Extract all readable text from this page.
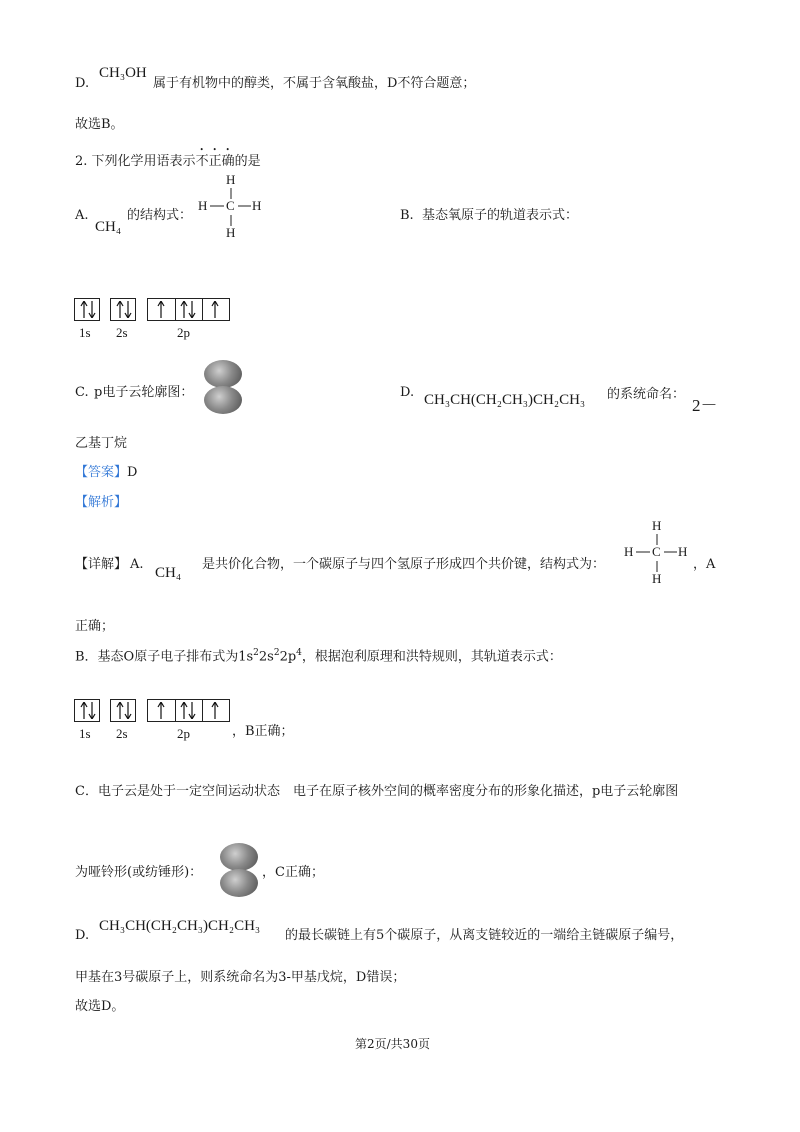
D.
CH₃OH
属于有机物中的醇类，不属于含氧酸盐，D不符合题意；
故选B。
2. 下列化学用语表示不正确的是
A.
CH₄
的结构式：
H
H C H
H
B. 基态氧原子的轨道表示式：
1s 2s	2p
C. p电子云轮廓图：	D. CH₃CH(CH₂CH₃)CH₂CH₃ 的系统命名：
2－
乙基丁烷
【答案】D
【解析】
【详解】 A.
CH₄
是共价化合物，一个碳原子与四个氢原子形成四个共价键，结构式为：
H
H C H
H
，A
正确；
B．基态O原子电子排布式为$1s^22s^22p^4$，根据泡利原理和洪特规则，其轨道表示式：
1s 2s	2p	，B正确；
C．电子云是处于一定空间运动状态　电子在原子核外空间的概率密度分布的形象化描述，p电子云轮廓图
为哑铃形(或纺锤形)：	，C正确；
D.
CH₃CH(CH₂CH₃)CH₂CH₃
的最长碳链上有5个碳原子，从离支链较近的一端给主链碳原子编号，
甲基在3号碳原子上，则系统命名为3-甲基戊烷，D错误；
故选D。
第2页/共30页
